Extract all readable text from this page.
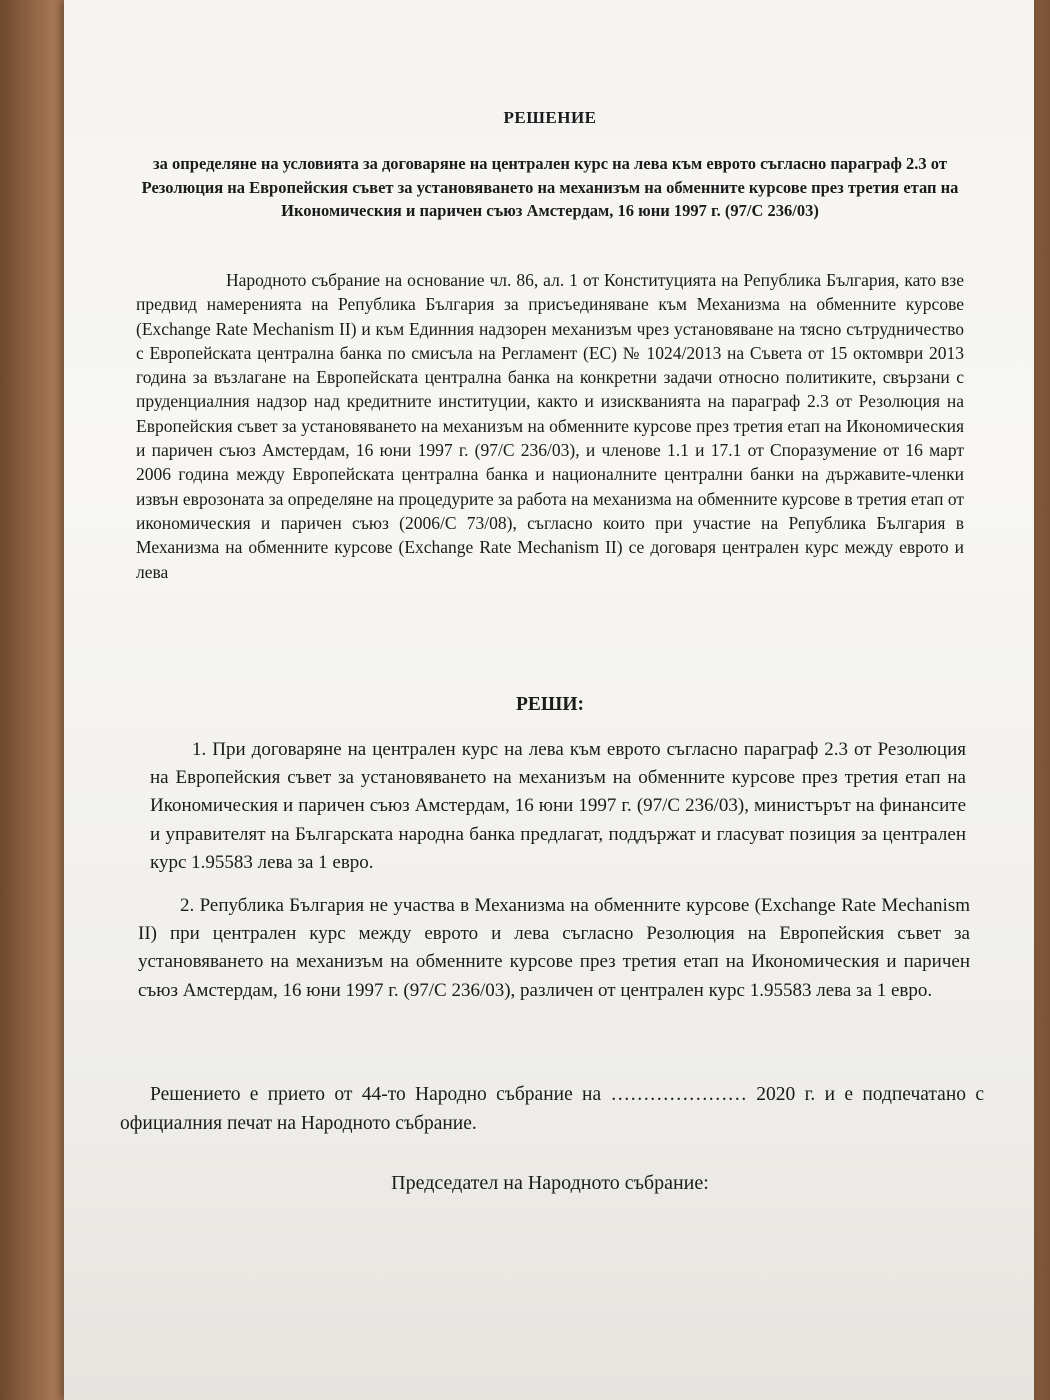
РЕШЕНИЕ
за определяне на условията за договаряне на централен курс на лева към еврото съгласно параграф 2.3 от Резолюция на Европейския съвет за установяването на механизъм на обменните курсове през третия етап на Икономическия и паричен съюз Амстердам, 16 юни 1997 г. (97/С 236/03)
Народното събрание на основание чл. 86, ал. 1 от Конституцията на Република България, като взе предвид намеренията на Република България за присъединяване към Механизма на обменните курсове (Exchange Rate Mechanism II) и към Единния надзорен механизъм чрез установяване на тясно сътрудничество с Европейската централна банка по смисъла на Регламент (ЕС) № 1024/2013 на Съвета от 15 октомври 2013 година за възлагане на Европейската централна банка на конкретни задачи относно политиките, свързани с пруденциалния надзор над кредитните институции, както и изискванията на параграф 2.3 от Резолюция на Европейския съвет за установяването на механизъм на обменните курсове през третия етап на Икономическия и паричен съюз Амстердам, 16 юни 1997 г. (97/С 236/03), и членове 1.1 и 17.1 от Споразумение от 16 март 2006 година между Европейската централна банка и националните централни банки на държавите-членки извън еврозоната за определяне на процедурите за работа на механизма на обменните курсове в третия етап от икономическия и паричен съюз (2006/С 73/08), съгласно които при участие на Република България в Механизма на обменните курсове (Exchange Rate Mechanism II) се договаря централен курс между еврото и лева
РЕШИ:
1. При договаряне на централен курс на лева към еврото съгласно параграф 2.3 от Резолюция на Европейския съвет за установяването на механизъм на обменните курсове през третия етап на Икономическия и паричен съюз Амстердам, 16 юни 1997 г. (97/С 236/03), министърът на финансите и управителят на Българската народна банка предлагат, поддържат и гласуват позиция за централен курс 1.95583 лева за 1 евро.
2. Република България не участва в Механизма на обменните курсове (Exchange Rate Mechanism II) при централен курс между еврото и лева съгласно Резолюция на Европейския съвет за установяването на механизъм на обменните курсове през третия етап на Икономическия и паричен съюз Амстердам, 16 юни 1997 г. (97/С 236/03), различен от централен курс 1.95583 лева за 1 евро.
Решението е прието от 44-то Народно събрание на ………………… 2020 г. и е подпечатано с официалния печат на Народното събрание.
Председател на Народното събрание:
